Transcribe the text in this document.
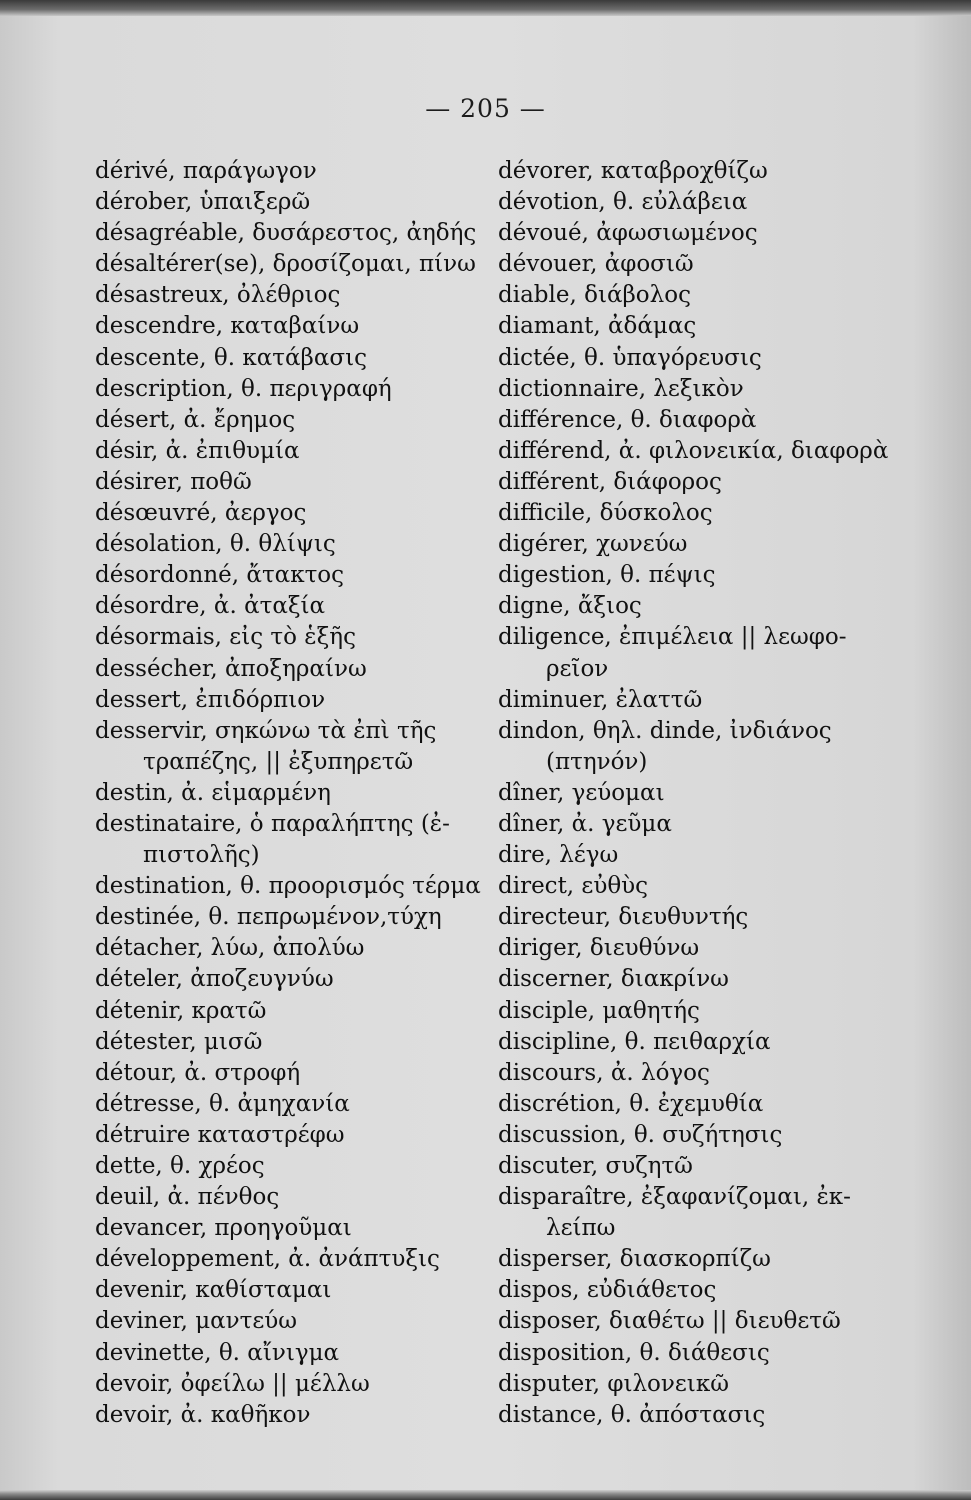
— 205 —
dérivé, παράγωγον
dérober, ὑπαιξερῶ
désagréable, δυσάρεστος, ἀηδής
désaltérer(se), δροσίζομαι, πίνω
désastreux, ὀλέθριος
descendre, καταβαίνω
descente, θ. κατάβασις
description, θ. περιγραφή
désert, ἀ. ἔρημος
désir, ἀ. ἐπιθυμία
désirer, ποθῶ
désœuvré, ἀεργος
désolation, θ. θλίψις
désordonné, ἄτακτος
désordre, ἀ. ἀταξία
désormais, εἰς τὸ ἑξῆς
dessécher, ἀποξηραίνω
dessert, ἐπιδόρπιον
desservir, σηκώνω τὰ ἐπὶ τῆς
τραπέζης, || ἐξυπηρετῶ
destin, ἀ. εἱμαρμένη
destinataire, ὁ παραλήπτης (ἐ-
πιστολῆς)
destination, θ. προορισμός τέρμα
destinée, θ. πεπρωμένον,τύχη
détacher, λύω, ἀπολύω
dételer, ἀποζευγνύω
détenir, κρατῶ
détester, μισῶ
détour, ἀ. στροφή
détresse, θ. ἀμηχανία
détruire καταστρέφω
dette, θ. χρέος
deuil, ἀ. πένθος
devancer, προηγοῦμαι
développement, ἀ. ἀνάπτυξις
devenir, καθίσταμαι
deviner, μαντεύω
devinette, θ. αἴνιγμα
devoir, ὀφείλω || μέλλω
devoir, ἀ. καθῆκον
dévorer, καταβροχθίζω
dévotion, θ. εὐλάβεια
dévoué, ἀφωσιωμένος
dévouer, ἀφοσιῶ
diable, διάβολος
diamant, ἀδάμας
dictée, θ. ὑπαγόρευσις
dictionnaire, λεξικὸν
différence, θ. διαφορὰ
différend, ἀ. φιλονεικία, διαφορὰ
différent, διάφορος
difficile, δύσκολος
digérer, χωνεύω
digestion, θ. πέψις
digne, ἄξιος
diligence, ἐπιμέλεια || λεωφο-
ρεῖον
diminuer, ἐλαττῶ
dindon, θηλ. dinde, ἰνδιάνος
(πτηνόν)
dîner, γεύομαι
dîner, ἀ. γεῦμα
dire, λέγω
direct, εὐθὺς
directeur, διευθυντής
diriger, διευθύνω
discerner, διακρίνω
disciple, μαθητής
discipline, θ. πειθαρχία
discours, ἀ. λόγος
discrétion, θ. ἐχεμυθία
discussion, θ. συζήτησις
discuter, συζητῶ
disparaître, ἐξαφανίζομαι, ἐκ-
λείπω
disperser, διασκορπίζω
dispos, εὐδιάθετος
disposer, διαθέτω || διευθετῶ
disposition, θ. διάθεσις
disputer, φιλονεικῶ
distance, θ. ἀπόστασις
